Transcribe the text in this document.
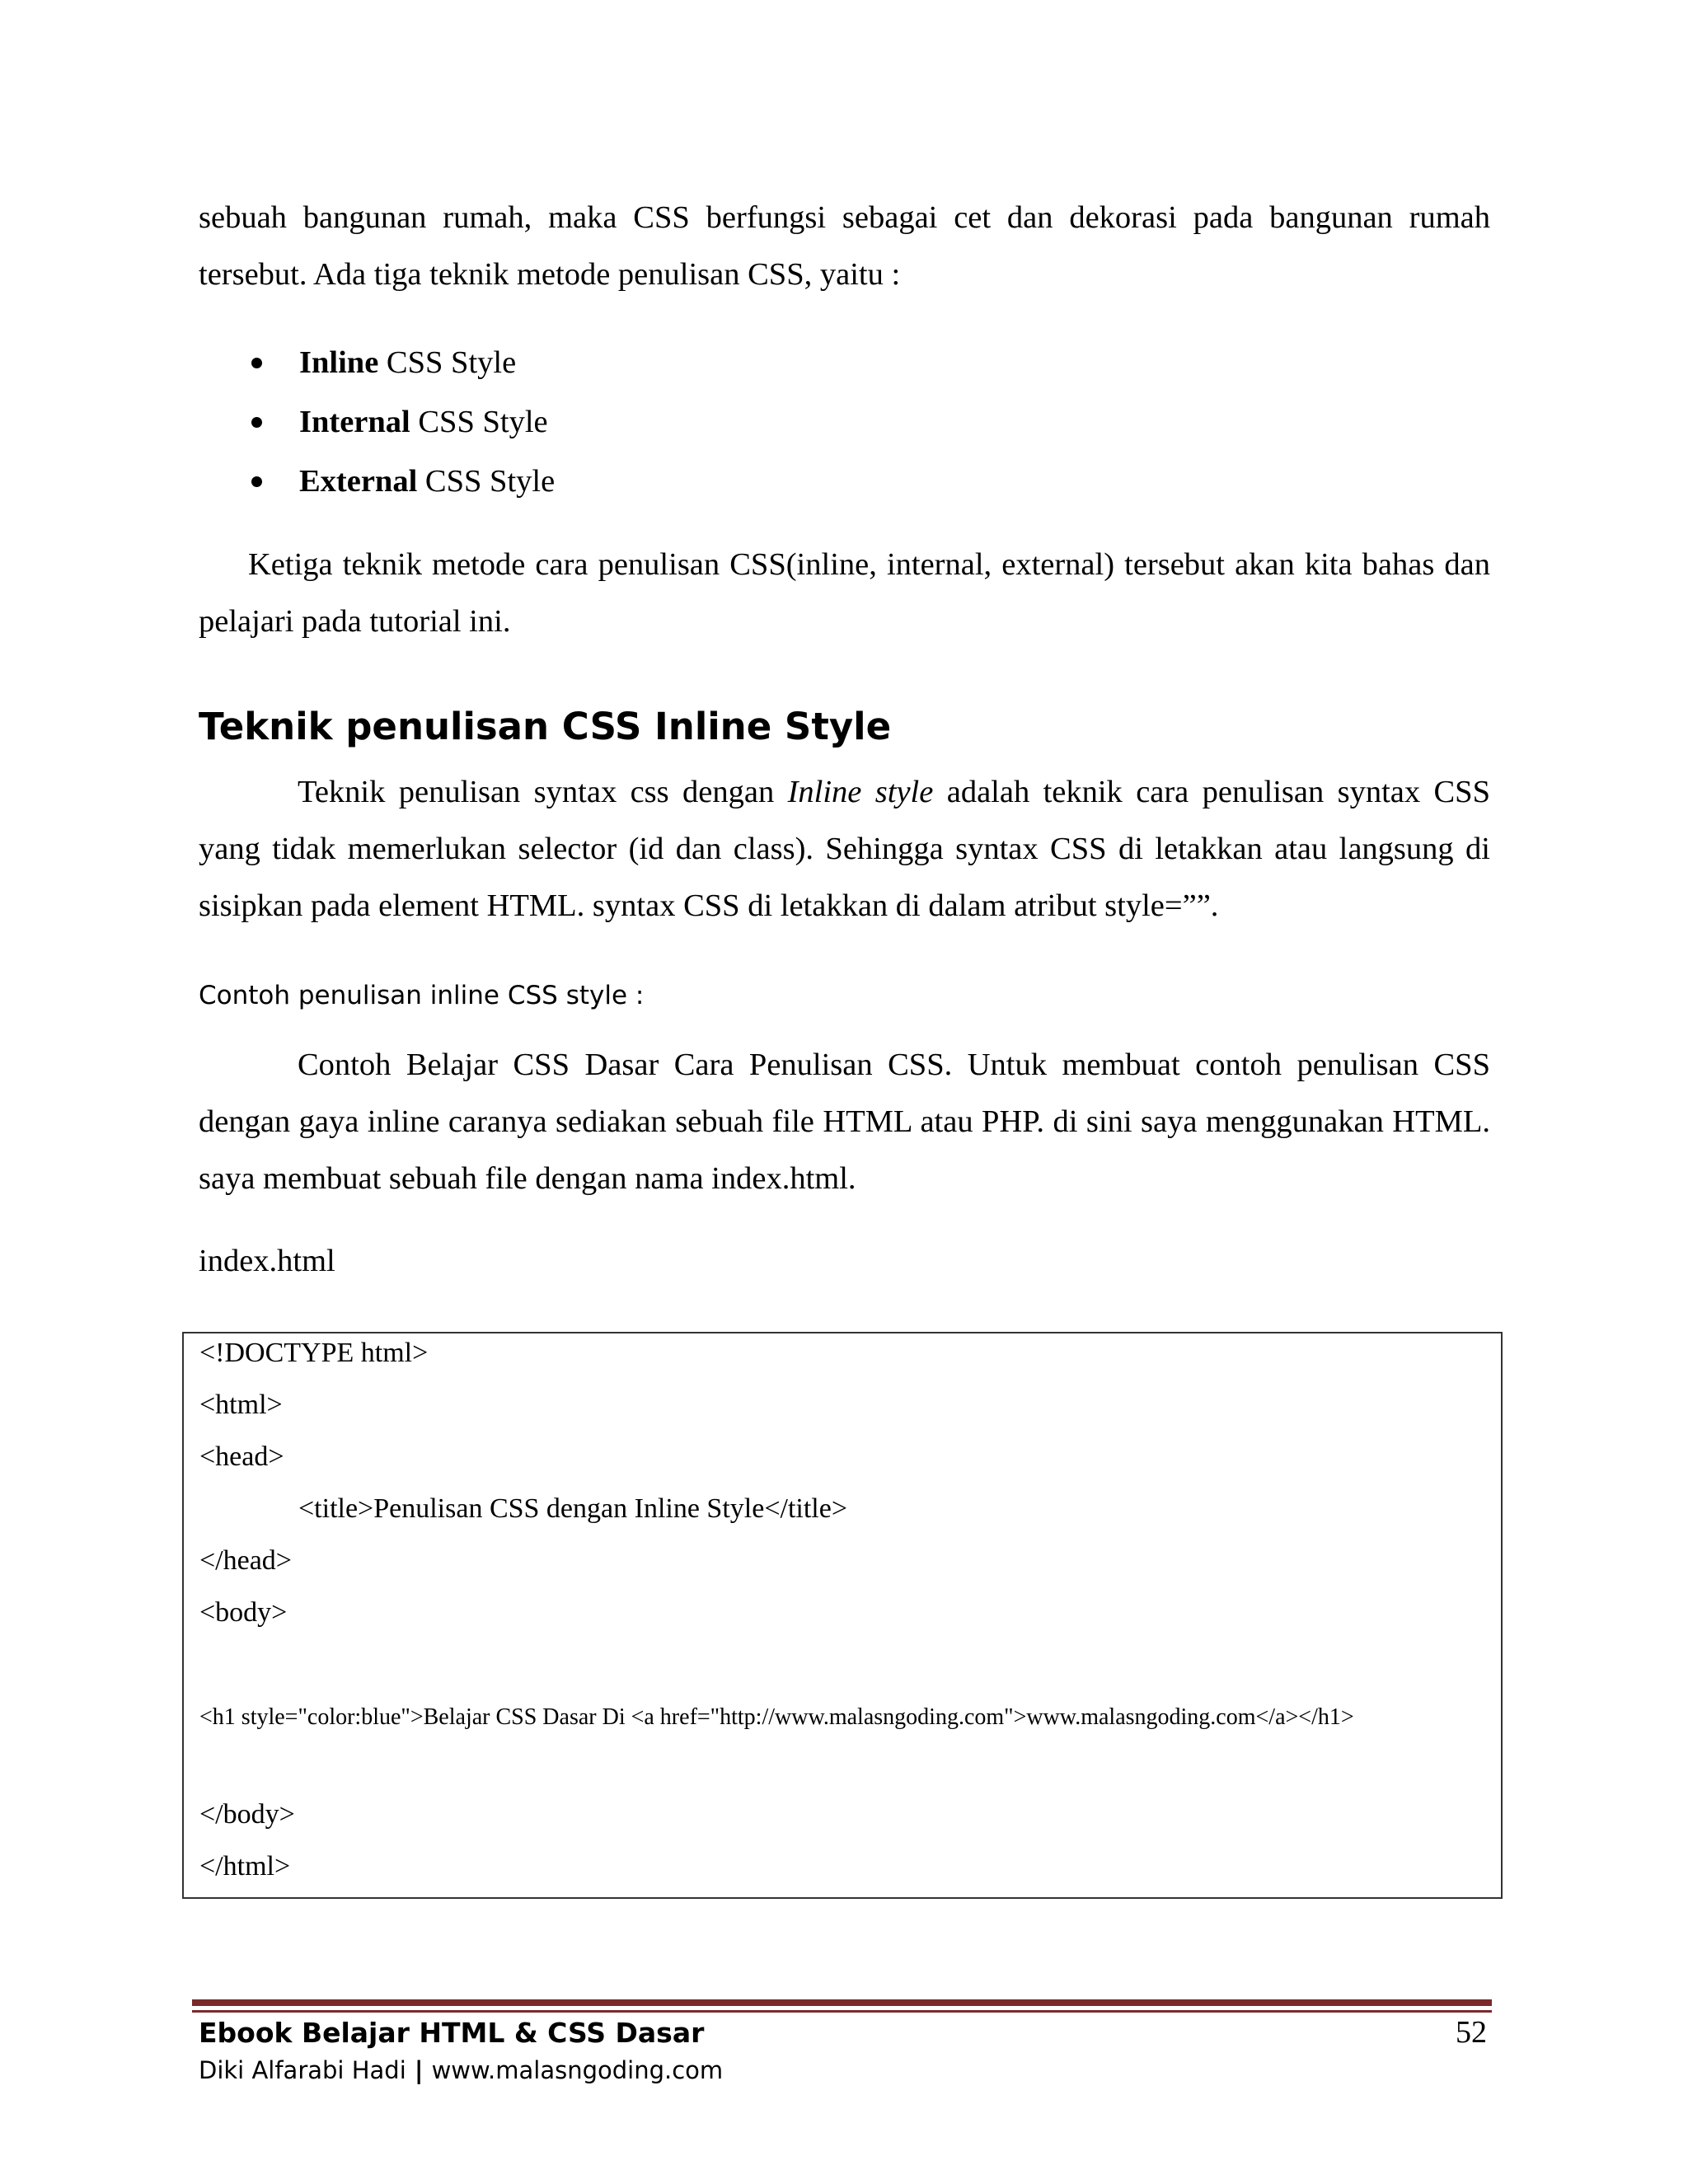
sebuah bangunan rumah, maka CSS berfungsi sebagai cet dan dekorasi pada bangunan rumah tersebut. Ada tiga teknik metode penulisan CSS, yaitu :
Inline CSS Style
Internal CSS Style
External CSS Style
Ketiga teknik metode cara penulisan CSS(inline, internal, external) tersebut akan kita bahas dan pelajari pada tutorial ini.
Teknik penulisan CSS Inline Style
Teknik penulisan syntax css dengan Inline style adalah teknik cara penulisan syntax CSS yang tidak memerlukan selector (id dan class). Sehingga syntax CSS di letakkan atau langsung di sisipkan pada element HTML. syntax CSS di letakkan di dalam atribut style=””.
Contoh penulisan inline CSS style :
Contoh Belajar CSS Dasar Cara Penulisan CSS. Untuk membuat contoh penulisan CSS dengan gaya inline caranya sediakan sebuah file HTML atau PHP. di sini saya menggunakan HTML. saya membuat sebuah file dengan nama index.html.
index.html
<!DOCTYPE html>
<html>
<head>
<title>Penulisan CSS dengan Inline Style</title>
</head>
<body>
<h1 style="color:blue">Belajar CSS Dasar Di <a href="http://www.malasngoding.com">www.malasngoding.com</a></h1>
</body>
</html>
Ebook Belajar HTML & CSS Dasar	52
Diki Alfarabi Hadi | www.malasngoding.com
